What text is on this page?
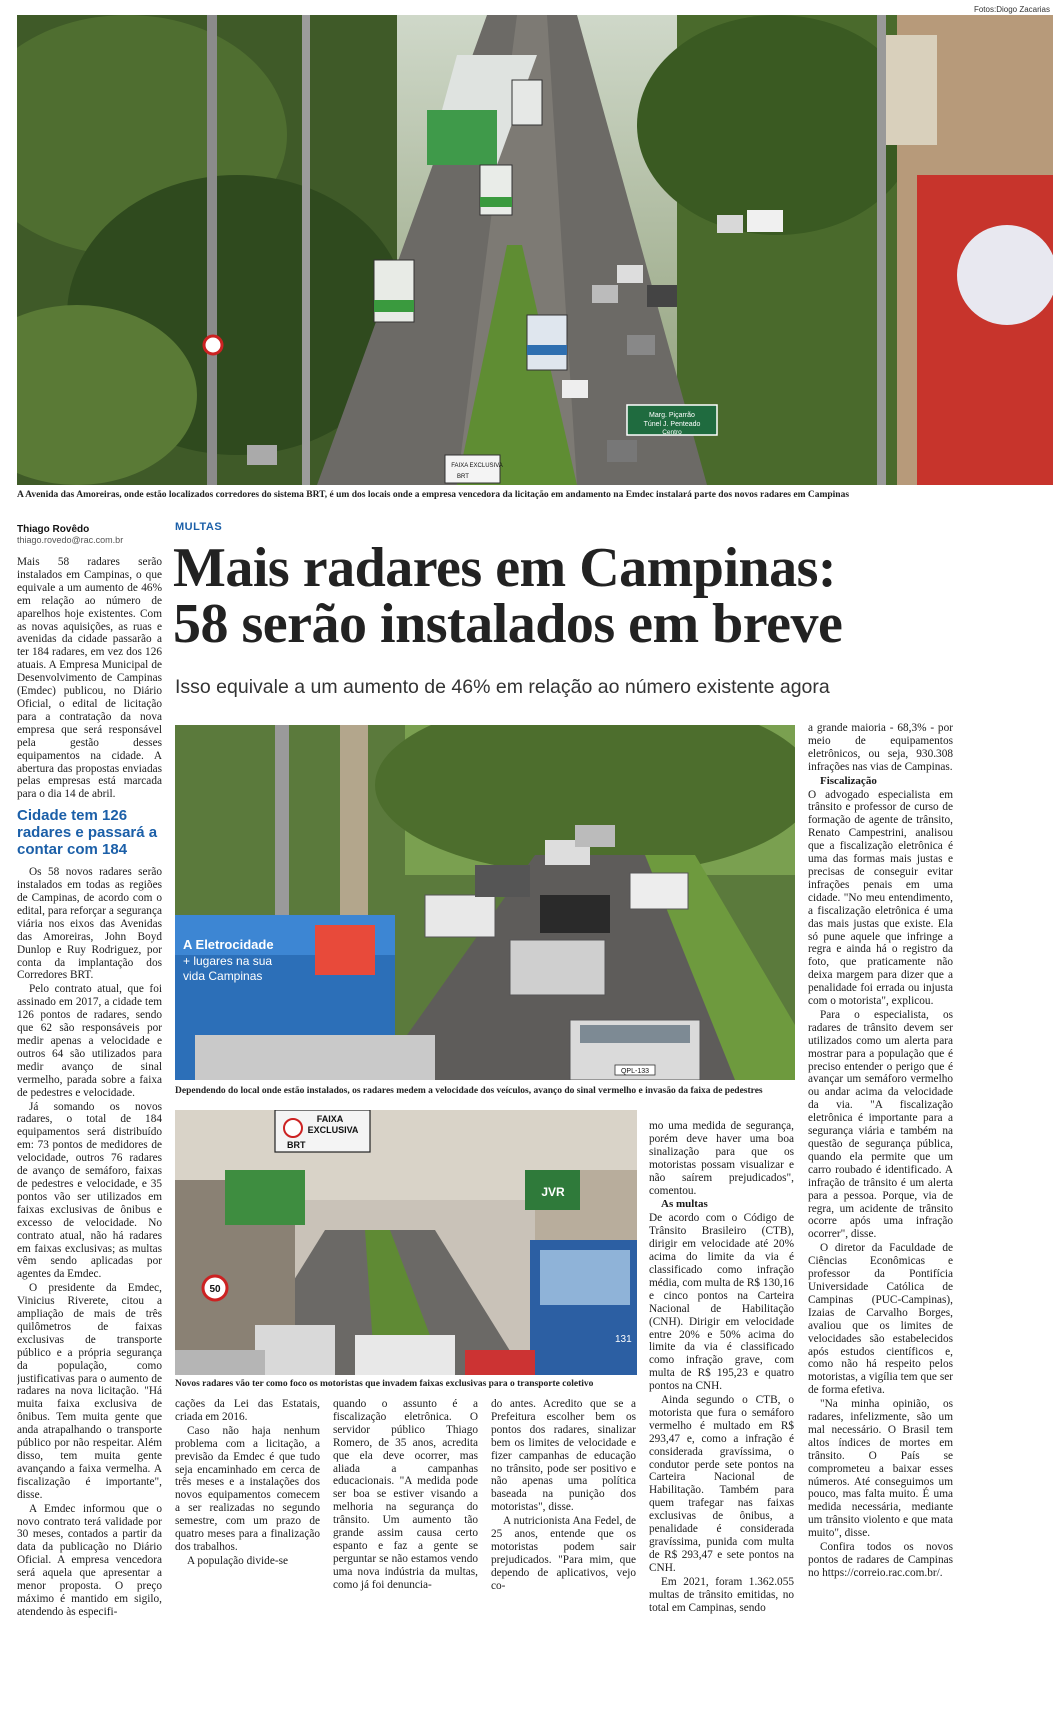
Fotos:Diogo Zacarias
Marg. Piçarrão
Túnel J. Penteado
Centro
FAIXA EXCLUSIVA
BRT
A Avenida das Amoreiras, onde estão localizados corredores do sistema BRT, é um dos locais onde a empresa vencedora da licitação em andamento na Emdec instalará parte dos novos radares em Campinas
Thiago Rovêdo
thiago.rovedo@rac.com.br
MULTAS
Mais radares em Campinas:
58 serão instalados em breve
Isso equivale a um aumento de 46% em relação ao número existente agora

Mais 58 radares serão instalados em Campinas, o que equivale a um aumento de 46% em relação ao número de aparelhos hoje existentes. Com as novas aquisições, as ruas e avenidas da cidade passarão a ter 184 radares, em vez dos 126 atuais. A Empresa Municipal de Desenvolvimento de Campinas (Emdec) publicou, no Diário Oficial, o edital de licitação para a contratação da nova empresa que será responsável pela gestão desses equipamentos na cidade. A abertura das propostas enviadas pelas empresas está marcada para o dia 14 de abril.

Cidade tem 126 radares e passará a contar com 184

Os 58 novos radares serão instalados em todas as regiões de Campinas, de acordo com o edital, para reforçar a segurança viária nos eixos das Avenidas das Amoreiras, John Boyd Dunlop e Ruy Rodriguez, por conta da implantação dos Corredores BRT.

Pelo contrato atual, que foi assinado em 2017, a cidade tem 126 pontos de radares, sendo que 62 são responsáveis por medir apenas a velocidade e outros 64 são utilizados para medir avanço de sinal vermelho, parada sobre a faixa de pedestres e velocidade.

Já somando os novos radares, o total de 184 equipamentos será distribuído em: 73 pontos de medidores de velocidade, outros 76 radares de avanço de semáforo, faixas de pedestres e velocidade, e 35 pontos vão ser utilizados em faixas exclusivas de ônibus e excesso de velocidade. No contrato atual, não há radares em faixas exclusivas; as multas vêm sendo aplicadas por agentes da Emdec.

O presidente da Emdec, Vinicius Riverete, citou a ampliação de mais de três quilômetros de faixas exclusivas de transporte público e a própria segurança da população, como justificativas para o aumento de radares na nova licitação. "Há muita faixa exclusiva de ônibus. Tem muita gente que anda atrapalhando o transporte público por não respeitar. Além disso, tem muita gente avançando a faixa vermelha. A fiscalização é importante", disse.

A Emdec informou que o novo contrato terá validade por 30 meses, contados a partir da data da publicação no Diário Oficial. A empresa vencedora será aquela que apresentar a menor proposta. O preço máximo é mantido em sigilo, atendendo às especifi-

A Eletrocidade
+ lugares na sua
vida Campinas
QPL-133
Dependendo do local onde estão instalados, os radares medem a velocidade dos veículos, avanço do sinal vermelho e invasão da faixa de pedestres
JVR
FAIXA
EXCLUSIVA
BRT
50
131
Novos radares vão ter como foco os motoristas que invadem faixas exclusivas para o transporte coletivo

cações da Lei das Estatais, criada em 2016.

Caso não haja nenhum problema com a licitação, a previsão da Emdec é que tudo seja encaminhado em cerca de três meses e a instalações dos novos equipamentos comecem a ser realizadas no segundo semestre, com um prazo de quatro meses para a finalização dos trabalhos.

A população divide-se

quando o assunto é a fiscalização eletrônica. O servidor público Thiago Romero, de 35 anos, acredita que ela deve ocorrer, mas aliada a campanhas educacionais. "A medida pode ser boa se estiver visando a melhoria na segurança do trânsito. Um aumento tão grande assim causa certo espanto e faz a gente se perguntar se não estamos vendo uma nova indústria da multas, como já foi denuncia-

do antes. Acredito que se a Prefeitura escolher bem os pontos dos radares, sinalizar bem os limites de velocidade e fizer campanhas de educação no trânsito, pode ser positivo e não apenas uma política baseada na punição dos motoristas", disse.

A nutricionista Ana Fedel, de 25 anos, entende que os motoristas podem sair prejudicados. "Para mim, que dependo de aplicativos, vejo co-

mo uma medida de segurança, porém deve haver uma boa sinalização para que os motoristas possam visualizar e não saírem prejudicados", comentou.

As multas

De acordo com o Código de Trânsito Brasileiro (CTB), dirigir em velocidade até 20% acima do limite da via é classificado como infração média, com multa de R$ 130,16 e cinco pontos na Carteira Nacional de Habilitação (CNH). Dirigir em velocidade entre 20% e 50% acima do limite da via é classificado como infração grave, com multa de R$ 195,23 e quatro pontos na CNH.

Ainda segundo o CTB, o motorista que fura o semáforo vermelho é multado em R$ 293,47 e, como a infração é considerada gravíssima, o condutor perde sete pontos na Carteira Nacional de Habilitação. Também para quem trafegar nas faixas exclusivas de ônibus, a penalidade é considerada gravíssima, punida com multa de R$ 293,47 e sete pontos na CNH.

Em 2021, foram 1.362.055 multas de trânsito emitidas, no total em Campinas, sendo

a grande maioria - 68,3% - por meio de equipamentos eletrônicos, ou seja, 930.308 infrações nas vias de Campinas.

Fiscalização

O advogado especialista em trânsito e professor de curso de formação de agente de trânsito, Renato Campestrini, analisou que a fiscalização eletrônica é uma das formas mais justas e precisas de conseguir evitar infrações penais em uma cidade. "No meu entendimento, a fiscalização eletrônica é uma das mais justas que existe. Ela só pune aquele que infringe a regra e ainda há o registro da foto, que praticamente não deixa margem para dizer que a penalidade foi errada ou injusta com o motorista", explicou.

Para o especialista, os radares de trânsito devem ser utilizados como um alerta para mostrar para a população que é preciso entender o perigo que é avançar um semáforo vermelho ou andar acima da velocidade da via. "A fiscalização eletrônica é importante para a segurança viária e também na questão de segurança pública, quando ela permite que um carro roubado é identificado. A infração de trânsito é um alerta para a pessoa. Porque, via de regra, um acidente de trânsito ocorre após uma infração ocorrer", disse.

O diretor da Faculdade de Ciências Econômicas e professor da Pontifícia Universidade Católica de Campinas (PUC-Campinas), Izaias de Carvalho Borges, avaliou que os limites de velocidades são estabelecidos após estudos científicos e, como não há respeito pelos motoristas, a vigília tem que ser de forma efetiva.

"Na minha opinião, os radares, infelizmente, são um mal necessário. O Brasil tem altos índices de mortes em trânsito. O País se comprometeu a baixar esses números. Até conseguimos um pouco, mas falta muito. É uma medida necessária, mediante um trânsito violento e que mata muito", disse.

Confira todos os novos pontos de radares de Campinas no https://correio.rac.com.br/.
